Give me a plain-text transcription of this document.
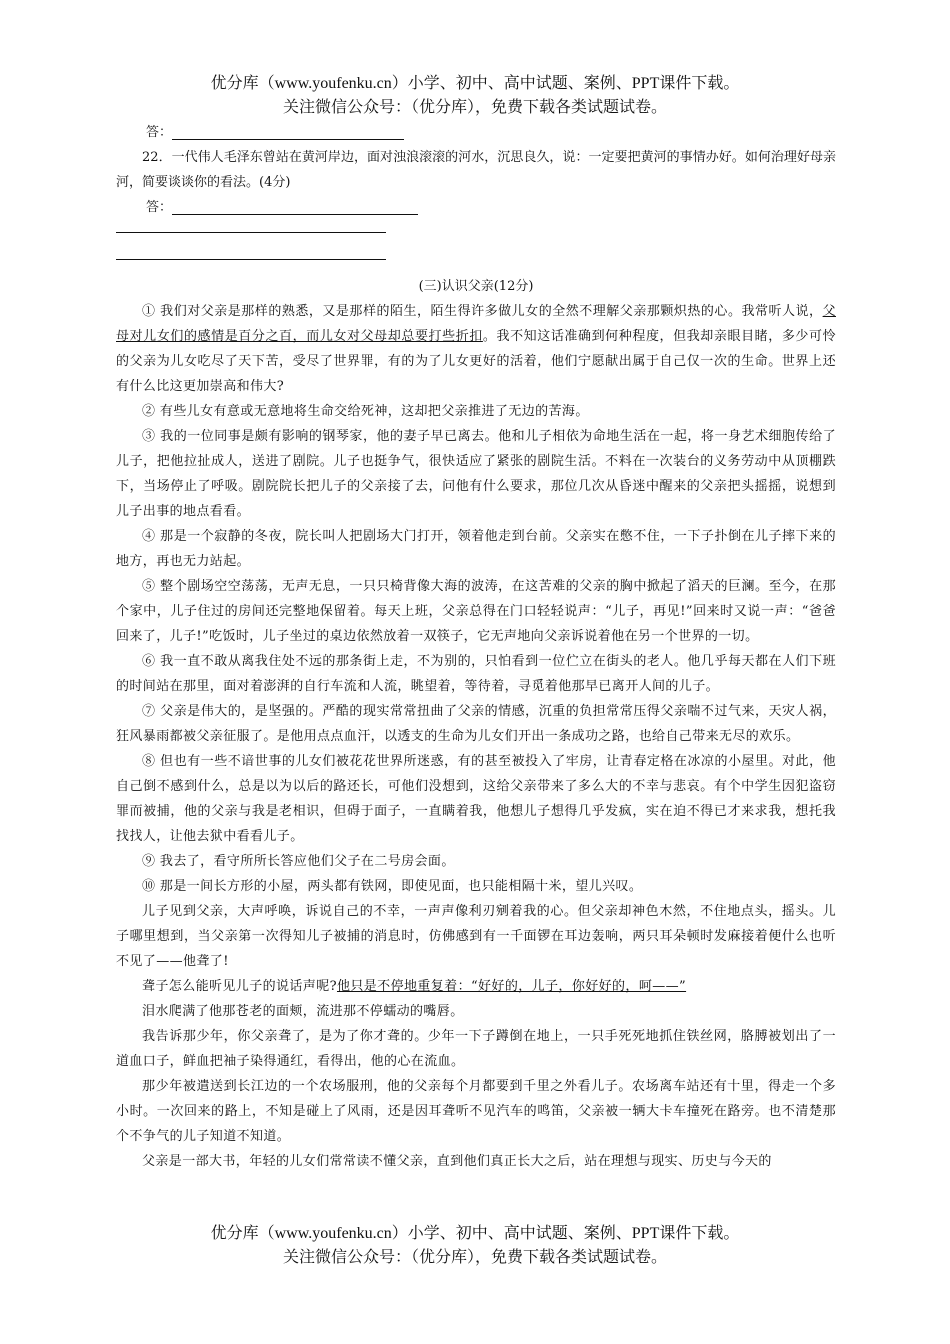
优分库（www.youfenku.cn）小学、初中、高中试题、案例、PPT课件下载。
关注微信公众号：（优分库），免费下载各类试题试卷。

答：

22．一代伟人毛泽东曾站在黄河岸边，面对浊浪滚滚的河水，沉思良久，说：一定要把黄河的事情办好。如何治理好母亲河，简要谈谈你的看法。(4分)

答：

(三)认识父亲(12分)

① 我们对父亲是那样的熟悉，又是那样的陌生，陌生得许多做儿女的全然不理解父亲那颗炽热的心。我常听人说，父母对儿女们的感情是百分之百，而儿女对父母却总要打些折扣。我不知这话准确到何种程度，但我却亲眼目睹，多少可怜的父亲为儿女吃尽了天下苦，受尽了世界罪，有的为了儿女更好的活着，他们宁愿献出属于自己仅一次的生命。世界上还有什么比这更加崇高和伟大?

② 有些儿女有意或无意地将生命交给死神，这却把父亲推进了无边的苦海。

③ 我的一位同事是颇有影响的钢琴家，他的妻子早已离去。他和儿子相依为命地生活在一起，将一身艺术细胞传给了儿子，把他拉扯成人，送进了剧院。儿子也挺争气，很快适应了紧张的剧院生活。不料在一次装台的义务劳动中从顶棚跌下，当场停止了呼吸。剧院院长把儿子的父亲接了去，问他有什么要求，那位几次从昏迷中醒来的父亲把头摇摇，说想到儿子出事的地点看看。

④ 那是一个寂静的冬夜，院长叫人把剧场大门打开，领着他走到台前。父亲实在憋不住，一下子扑倒在儿子摔下来的地方，再也无力站起。

⑤ 整个剧场空空荡荡，无声无息，一只只椅背像大海的波涛，在这苦难的父亲的胸中掀起了滔天的巨澜。至今，在那个家中，儿子住过的房间还完整地保留着。每天上班，父亲总得在门口轻轻说声：“儿子，再见!”回来时又说一声：“爸爸回来了，儿子!”吃饭时，儿子坐过的桌边依然放着一双筷子，它无声地向父亲诉说着他在另一个世界的一切。

⑥ 我一直不敢从离我住处不远的那条街上走，不为别的，只怕看到一位伫立在街头的老人。他几乎每天都在人们下班的时间站在那里，面对着澎湃的自行车流和人流，眺望着，等待着，寻觅着他那早已离开人间的儿子。

⑦ 父亲是伟大的，是坚强的。严酷的现实常常扭曲了父亲的情感，沉重的负担常常压得父亲喘不过气来，天灾人祸，狂风暴雨都被父亲征服了。是他用点点血汗，以透支的生命为儿女们开出一条成功之路，也给自己带来无尽的欢乐。

⑧ 但也有一些不谙世事的儿女们被花花世界所迷惑，有的甚至被投入了牢房，让青春定格在冰凉的小屋里。对此，他自己倒不感到什么，总是以为以后的路还长，可他们没想到，这给父亲带来了多么大的不幸与悲哀。有个中学生因犯盗窃罪而被捕，他的父亲与我是老相识，但碍于面子，一直瞒着我，他想儿子想得几乎发疯，实在迫不得已才来求我，想托我找找人，让他去狱中看看儿子。

⑨ 我去了，看守所所长答应他们父子在二号房会面。

⑩ 那是一间长方形的小屋，两头都有铁网，即使见面，也只能相隔十米，望儿兴叹。

儿子见到父亲，大声呼唤，诉说自己的不幸，一声声像利刃剜着我的心。但父亲却神色木然，不住地点头，摇头。儿子哪里想到，当父亲第一次得知儿子被捕的消息时，仿佛感到有一千面锣在耳边轰响，两只耳朵顿时发麻接着便什么也听不见了——他聋了!

聋子怎么能听见儿子的说话声呢?他只是不停地重复着：“好好的，儿子，你好好的，呵——”

泪水爬满了他那苍老的面颊，流进那不停蠕动的嘴唇。

我告诉那少年，你父亲聋了，是为了你才聋的。少年一下子蹲倒在地上，一只手死死地抓住铁丝网，胳膊被划出了一道血口子，鲜血把袖子染得通红，看得出，他的心在流血。

那少年被遣送到长江边的一个农场服刑，他的父亲每个月都要到千里之外看儿子。农场离车站还有十里，得走一个多小时。一次回来的路上，不知是碰上了风雨，还是因耳聋听不见汽车的鸣笛，父亲被一辆大卡车撞死在路旁。也不清楚那个不争气的儿子知道不知道。

父亲是一部大书，年轻的儿女们常常读不懂父亲，直到他们真正长大之后，站在理想与现实、历史与今天的

优分库（www.youfenku.cn）小学、初中、高中试题、案例、PPT课件下载。
关注微信公众号：（优分库），免费下载各类试题试卷。
